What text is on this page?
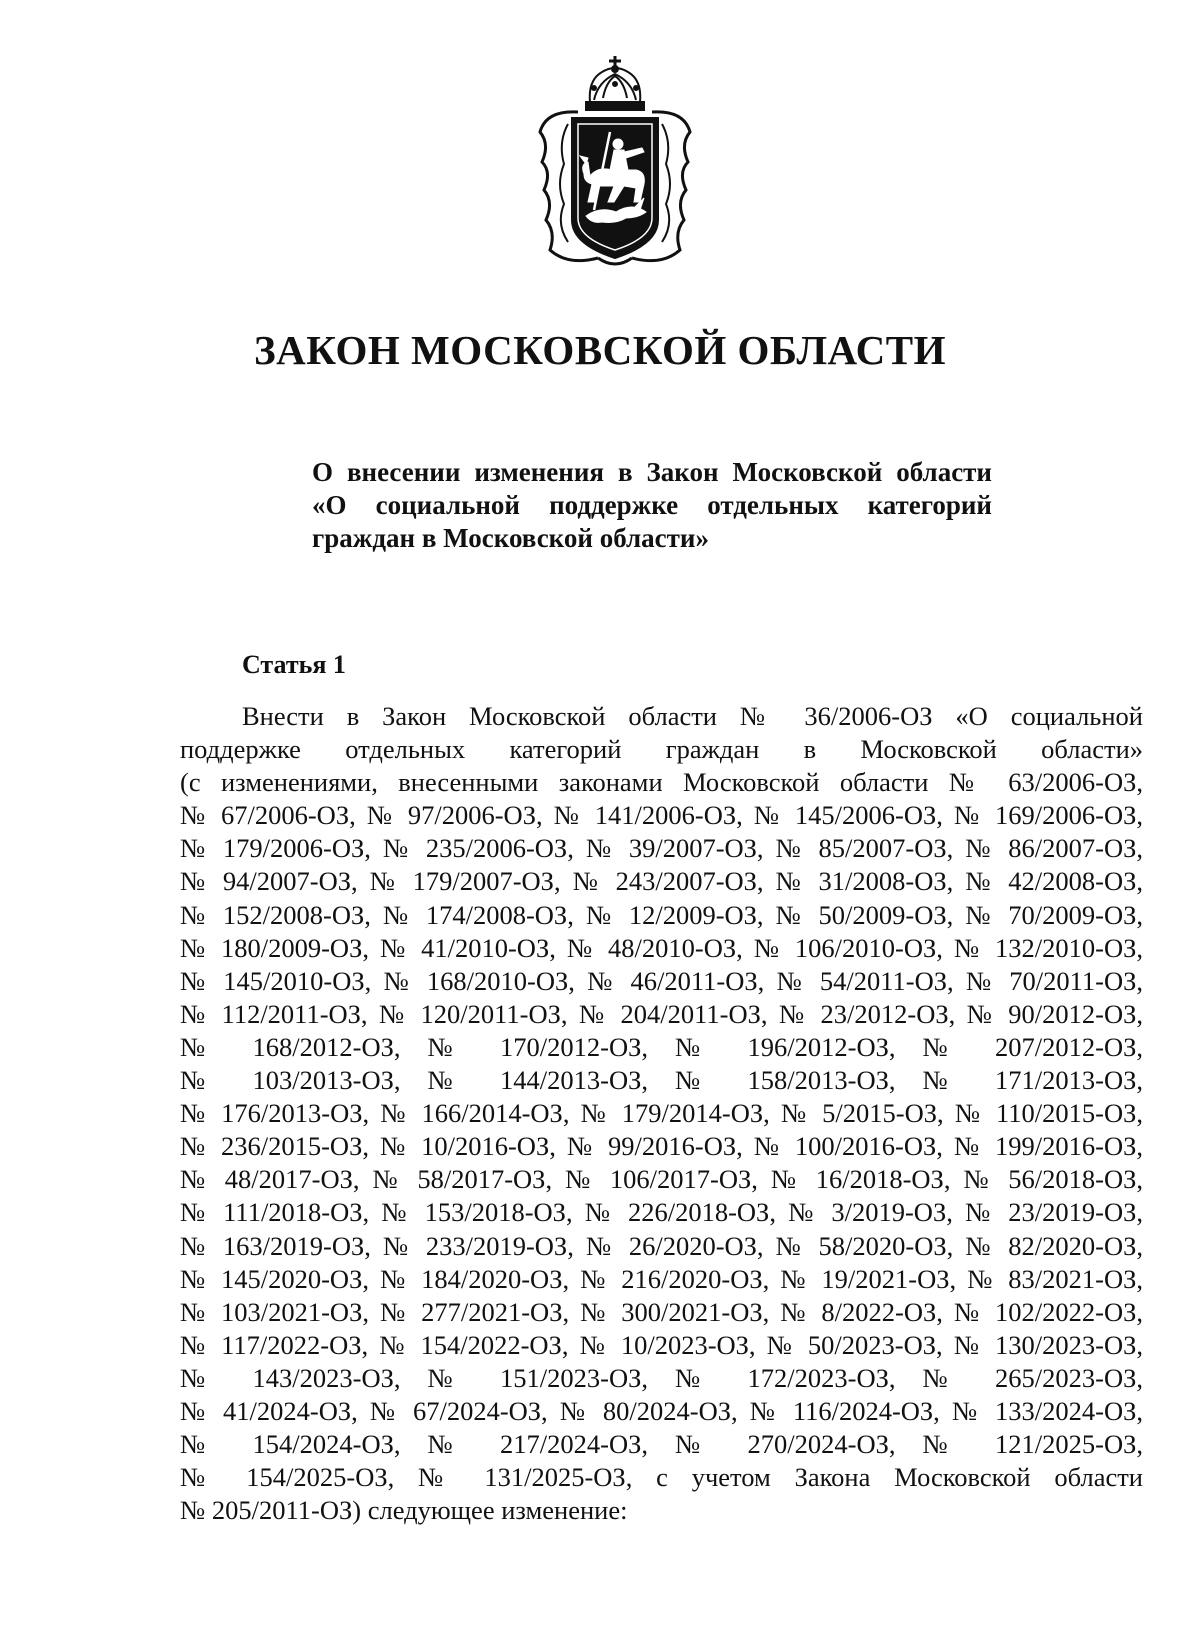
ЗАКОН МОСКОВСКОЙ ОБЛАСТИ
О внесении изменения в Закон Московской области
«О социальной поддержке отдельных категорий
граждан в Московской области»
Статья 1
Внести в Закон Московской области № 36/2006-ОЗ «О социальной
поддержке отдельных категорий граждан в Московской области»
(с изменениями, внесенными законами Московской области № 63/2006-ОЗ,
№ 67/2006-ОЗ, № 97/2006-ОЗ, № 141/2006-ОЗ, № 145/2006-ОЗ, № 169/2006-ОЗ,
№ 179/2006-ОЗ, № 235/2006-ОЗ, № 39/2007-ОЗ, № 85/2007-ОЗ, № 86/2007-ОЗ,
№ 94/2007-ОЗ, № 179/2007-ОЗ, № 243/2007-ОЗ, № 31/2008-ОЗ, № 42/2008-ОЗ,
№ 152/2008-ОЗ, № 174/2008-ОЗ, № 12/2009-ОЗ, № 50/2009-ОЗ, № 70/2009-ОЗ,
№ 180/2009-ОЗ, № 41/2010-ОЗ, № 48/2010-ОЗ, № 106/2010-ОЗ, № 132/2010-ОЗ,
№ 145/2010-ОЗ, № 168/2010-ОЗ, № 46/2011-ОЗ, № 54/2011-ОЗ, № 70/2011-ОЗ,
№ 112/2011-ОЗ, № 120/2011-ОЗ, № 204/2011-ОЗ, № 23/2012-ОЗ, № 90/2012-ОЗ,
№ 168/2012-ОЗ, № 170/2012-ОЗ, № 196/2012-ОЗ, № 207/2012-ОЗ,
№ 103/2013-ОЗ, № 144/2013-ОЗ, № 158/2013-ОЗ, № 171/2013-ОЗ,
№ 176/2013-ОЗ, № 166/2014-ОЗ, № 179/2014-ОЗ, № 5/2015-ОЗ, № 110/2015-ОЗ,
№ 236/2015-ОЗ, № 10/2016-ОЗ, № 99/2016-ОЗ, № 100/2016-ОЗ, № 199/2016-ОЗ,
№ 48/2017-ОЗ, № 58/2017-ОЗ, № 106/2017-ОЗ, № 16/2018-ОЗ, № 56/2018-ОЗ,
№ 111/2018-ОЗ, № 153/2018-ОЗ, № 226/2018-ОЗ, № 3/2019-ОЗ, № 23/2019-ОЗ,
№ 163/2019-ОЗ, № 233/2019-ОЗ, № 26/2020-ОЗ, № 58/2020-ОЗ, № 82/2020-ОЗ,
№ 145/2020-ОЗ, № 184/2020-ОЗ, № 216/2020-ОЗ, № 19/2021-ОЗ, № 83/2021-ОЗ,
№ 103/2021-ОЗ, № 277/2021-ОЗ, № 300/2021-ОЗ, № 8/2022-ОЗ, № 102/2022-ОЗ,
№ 117/2022-ОЗ, № 154/2022-ОЗ, № 10/2023-ОЗ, № 50/2023-ОЗ, № 130/2023-ОЗ,
№ 143/2023-ОЗ, № 151/2023-ОЗ, № 172/2023-ОЗ, № 265/2023-ОЗ,
№ 41/2024-ОЗ, № 67/2024-ОЗ, № 80/2024-ОЗ, № 116/2024-ОЗ, № 133/2024-ОЗ,
№ 154/2024-ОЗ, № 217/2024-ОЗ, № 270/2024-ОЗ, № 121/2025-ОЗ,
№ 154/2025-ОЗ, № 131/2025-ОЗ, с учетом Закона Московской области
№ 205/2011-ОЗ) следующее изменение:
